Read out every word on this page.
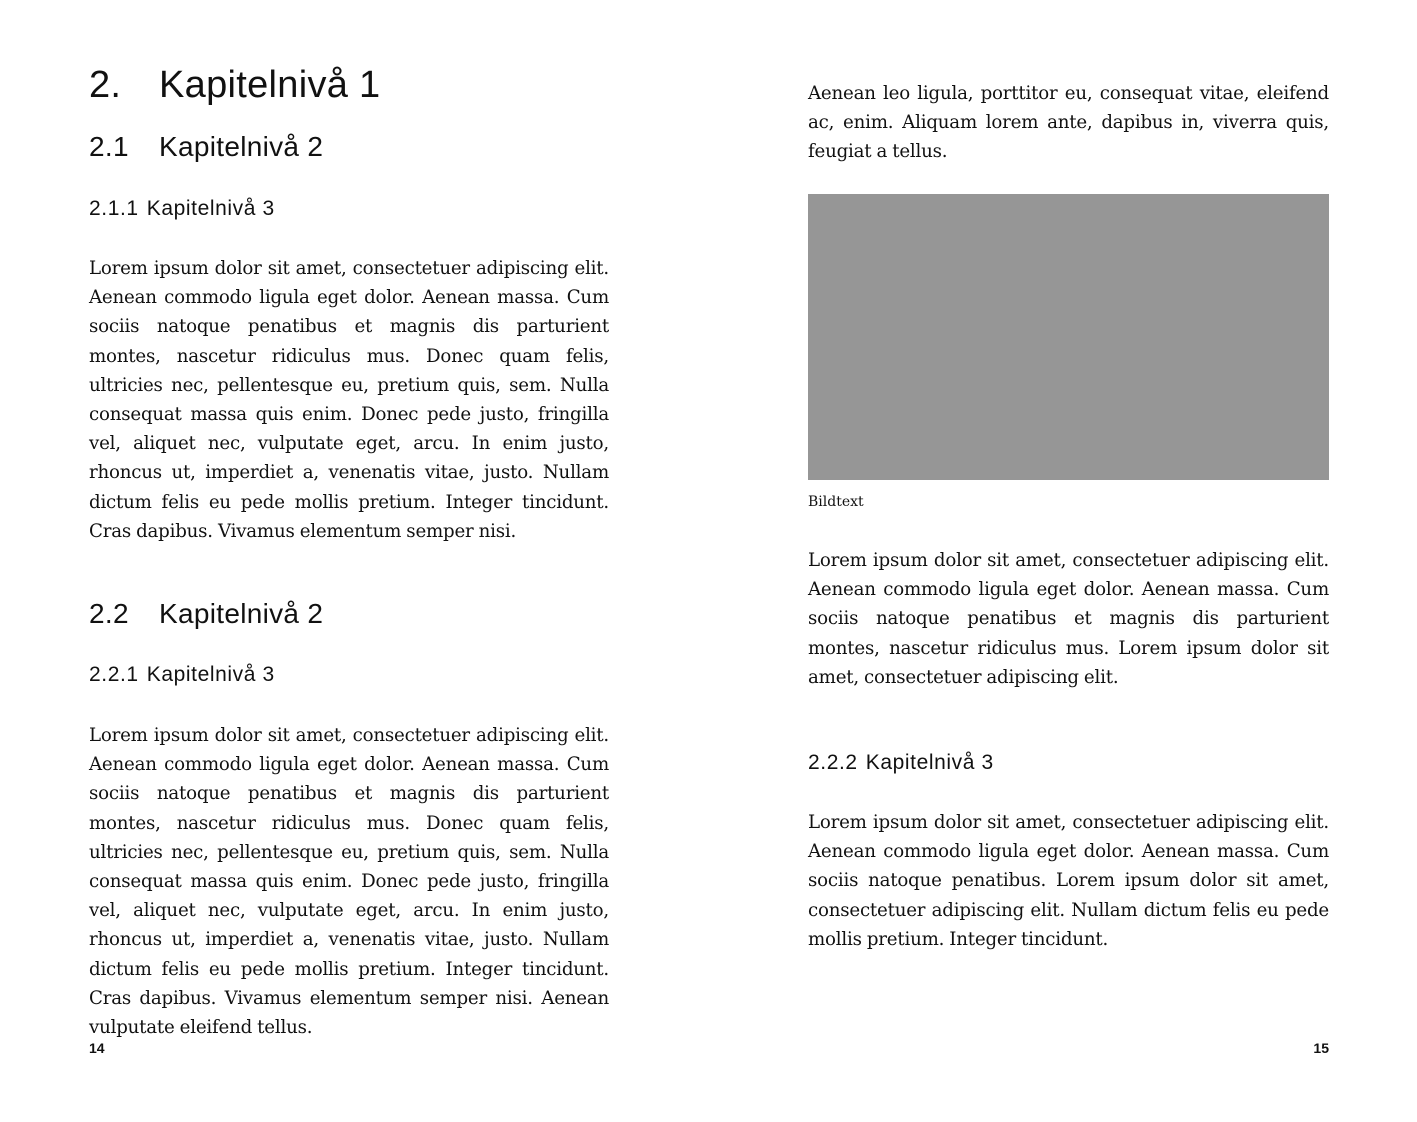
2. Kapitelnivå 1
2.1 Kapitelnivå 2
2.1.1 Kapitelnivå 3

Lorem ipsum dolor sit amet, consectetuer adipiscing elit. Aenean commodo ligula eget dolor. Aenean massa. Cum sociis natoque penatibus et magnis dis parturient montes, nascetur ridiculus mus. Donec quam felis, ultricies nec, pellentesque eu, pretium quis, sem. Nulla consequat massa quis enim. Donec pede justo, fringilla vel, aliquet nec, vulputate eget, arcu. In enim justo, rhoncus ut, imperdiet a, venenatis vitae, justo. Nullam dictum felis eu pede mollis pretium. Integer tincidunt. Cras dapibus. Vivamus elementum semper nisi.

2.2 Kapitelnivå 2
2.2.1 Kapitelnivå 3

Lorem ipsum dolor sit amet, consectetuer adipiscing elit. Aenean commodo ligula eget dolor. Aenean massa. Cum sociis natoque penatibus et magnis dis parturient montes, nascetur ridiculus mus. Donec quam felis, ultricies nec, pellentesque eu, pretium quis, sem. Nulla consequat massa quis enim. Donec pede justo, fringilla vel, aliquet nec, vulputate eget, arcu. In enim justo, rhoncus ut, imperdiet a, venenatis vitae, justo. Nullam dictum felis eu pede mollis pretium. Integer tincidunt. Cras dapibus. Vivamus elementum semper nisi. Aenean vulputate eleifend tellus.

14

Aenean leo ligula, porttitor eu, consequat vitae, eleifend ac, enim. Aliquam lorem ante, dapibus in, viverra quis, feugiat a tellus.

Bildtext

Lorem ipsum dolor sit amet, consectetuer adipiscing elit. Aenean commodo ligula eget dolor. Aenean massa. Cum sociis natoque penatibus et magnis dis parturient montes, nascetur ridiculus mus. Lorem ipsum dolor sit amet, consectetuer adipiscing elit.

2.2.2 Kapitelnivå 3

Lorem ipsum dolor sit amet, consectetuer adipiscing elit. Aenean commodo ligula eget dolor. Aenean massa. Cum sociis natoque penatibus. Lorem ipsum dolor sit amet, consectetuer adipiscing elit. Nullam dictum felis eu pede mollis pretium. Integer tincidunt.

15
